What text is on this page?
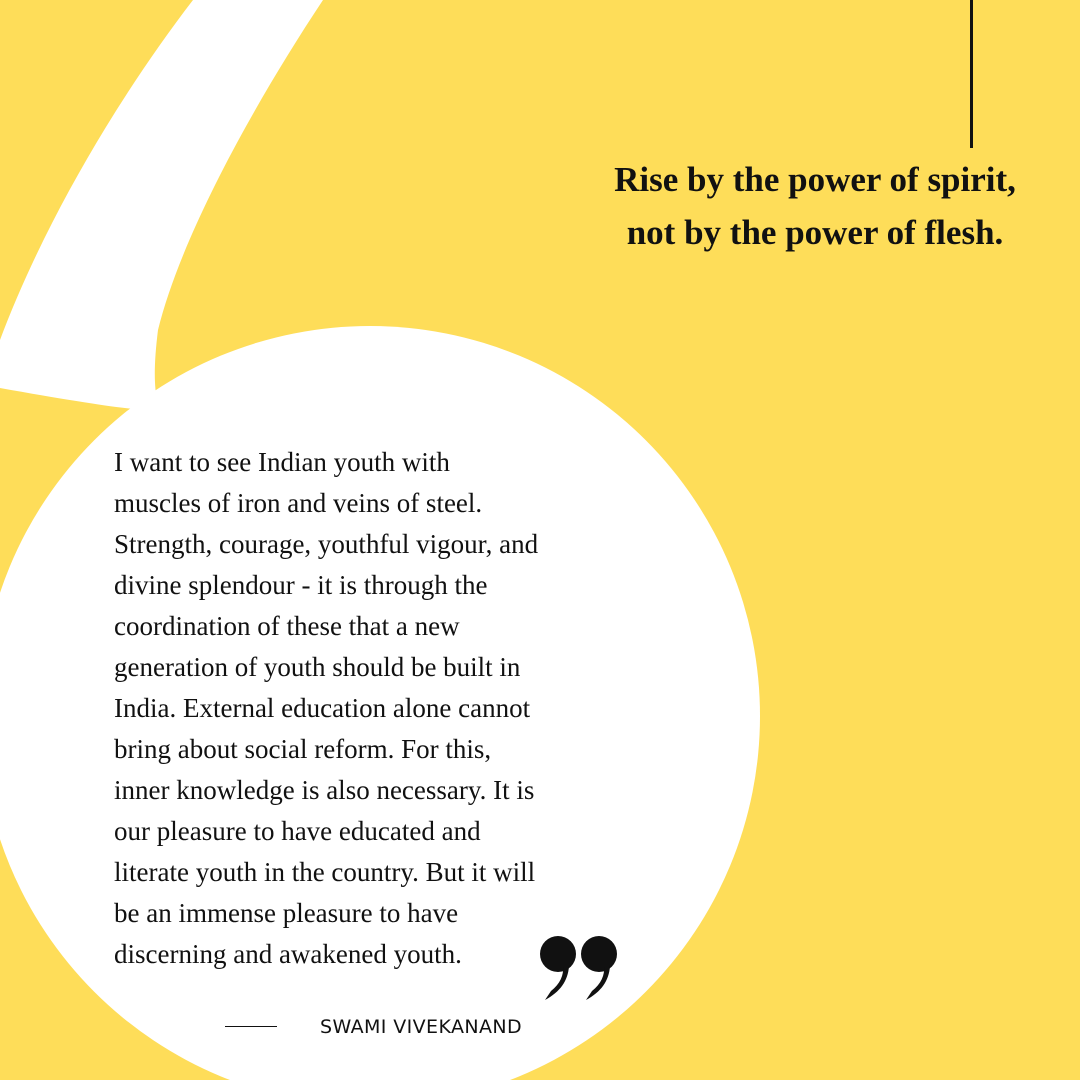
Rise by the power of spirit,
not by the power of flesh.
I want to see Indian youth with
muscles of iron and veins of steel.
Strength, courage, youthful vigour, and
divine splendour - it is through the
coordination of these that a new
generation of youth should be built in
India. External education alone cannot
bring about social reform. For this,
inner knowledge is also necessary. It is
our pleasure to have educated and
literate youth in the country. But it will
be an immense pleasure to have
discerning and awakened youth.

SWAMI VIVEKANAND
